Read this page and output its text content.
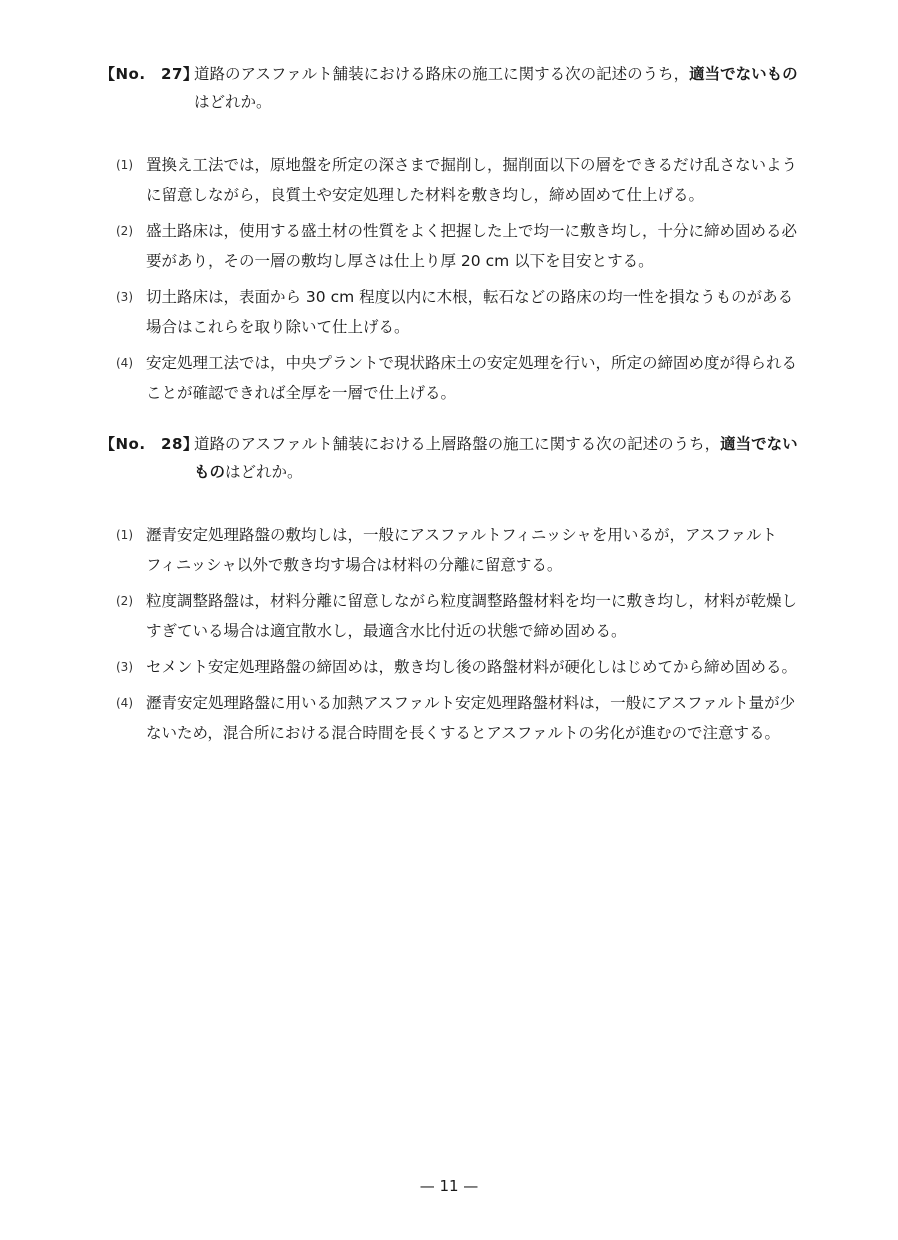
【No.　27】
道路のアスファルト舗装における路床の施工に関する次の記述のうち，適当でないもの
はどれか。
(1) 置換え工法では，原地盤を所定の深さまで掘削し，掘削面以下の層をできるだけ乱さないよう
に留意しながら，良質土や安定処理した材料を敷き均し，締め固めて仕上げる。
(2) 盛土路床は，使用する盛土材の性質をよく把握した上で均一に敷き均し，十分に締め固める必
要があり，その一層の敷均し厚さは仕上り厚 20 cm 以下を目安とする。
(3) 切土路床は，表面から 30 cm 程度以内に木根，転石などの路床の均一性を損なうものがある
場合はこれらを取り除いて仕上げる。
(4) 安定処理工法では，中央プラントで現状路床土の安定処理を行い，所定の締固め度が得られる
ことが確認できれば全厚を一層で仕上げる。
【No.　28】
道路のアスファルト舗装における上層路盤の施工に関する次の記述のうち，適当でない
ものはどれか。
(1) 瀝青安定処理路盤の敷均しは，一般にアスファルトフィニッシャを用いるが，アスファルト
フィニッシャ以外で敷き均す場合は材料の分離に留意する。
(2) 粒度調整路盤は，材料分離に留意しながら粒度調整路盤材料を均一に敷き均し，材料が乾燥し
すぎている場合は適宜散水し，最適含水比付近の状態で締め固める。
(3) セメント安定処理路盤の締固めは，敷き均し後の路盤材料が硬化しはじめてから締め固める。
(4) 瀝青安定処理路盤に用いる加熱アスファルト安定処理路盤材料は，一般にアスファルト量が少
ないため，混合所における混合時間を長くするとアスファルトの劣化が進むので注意する。
— 11 —
